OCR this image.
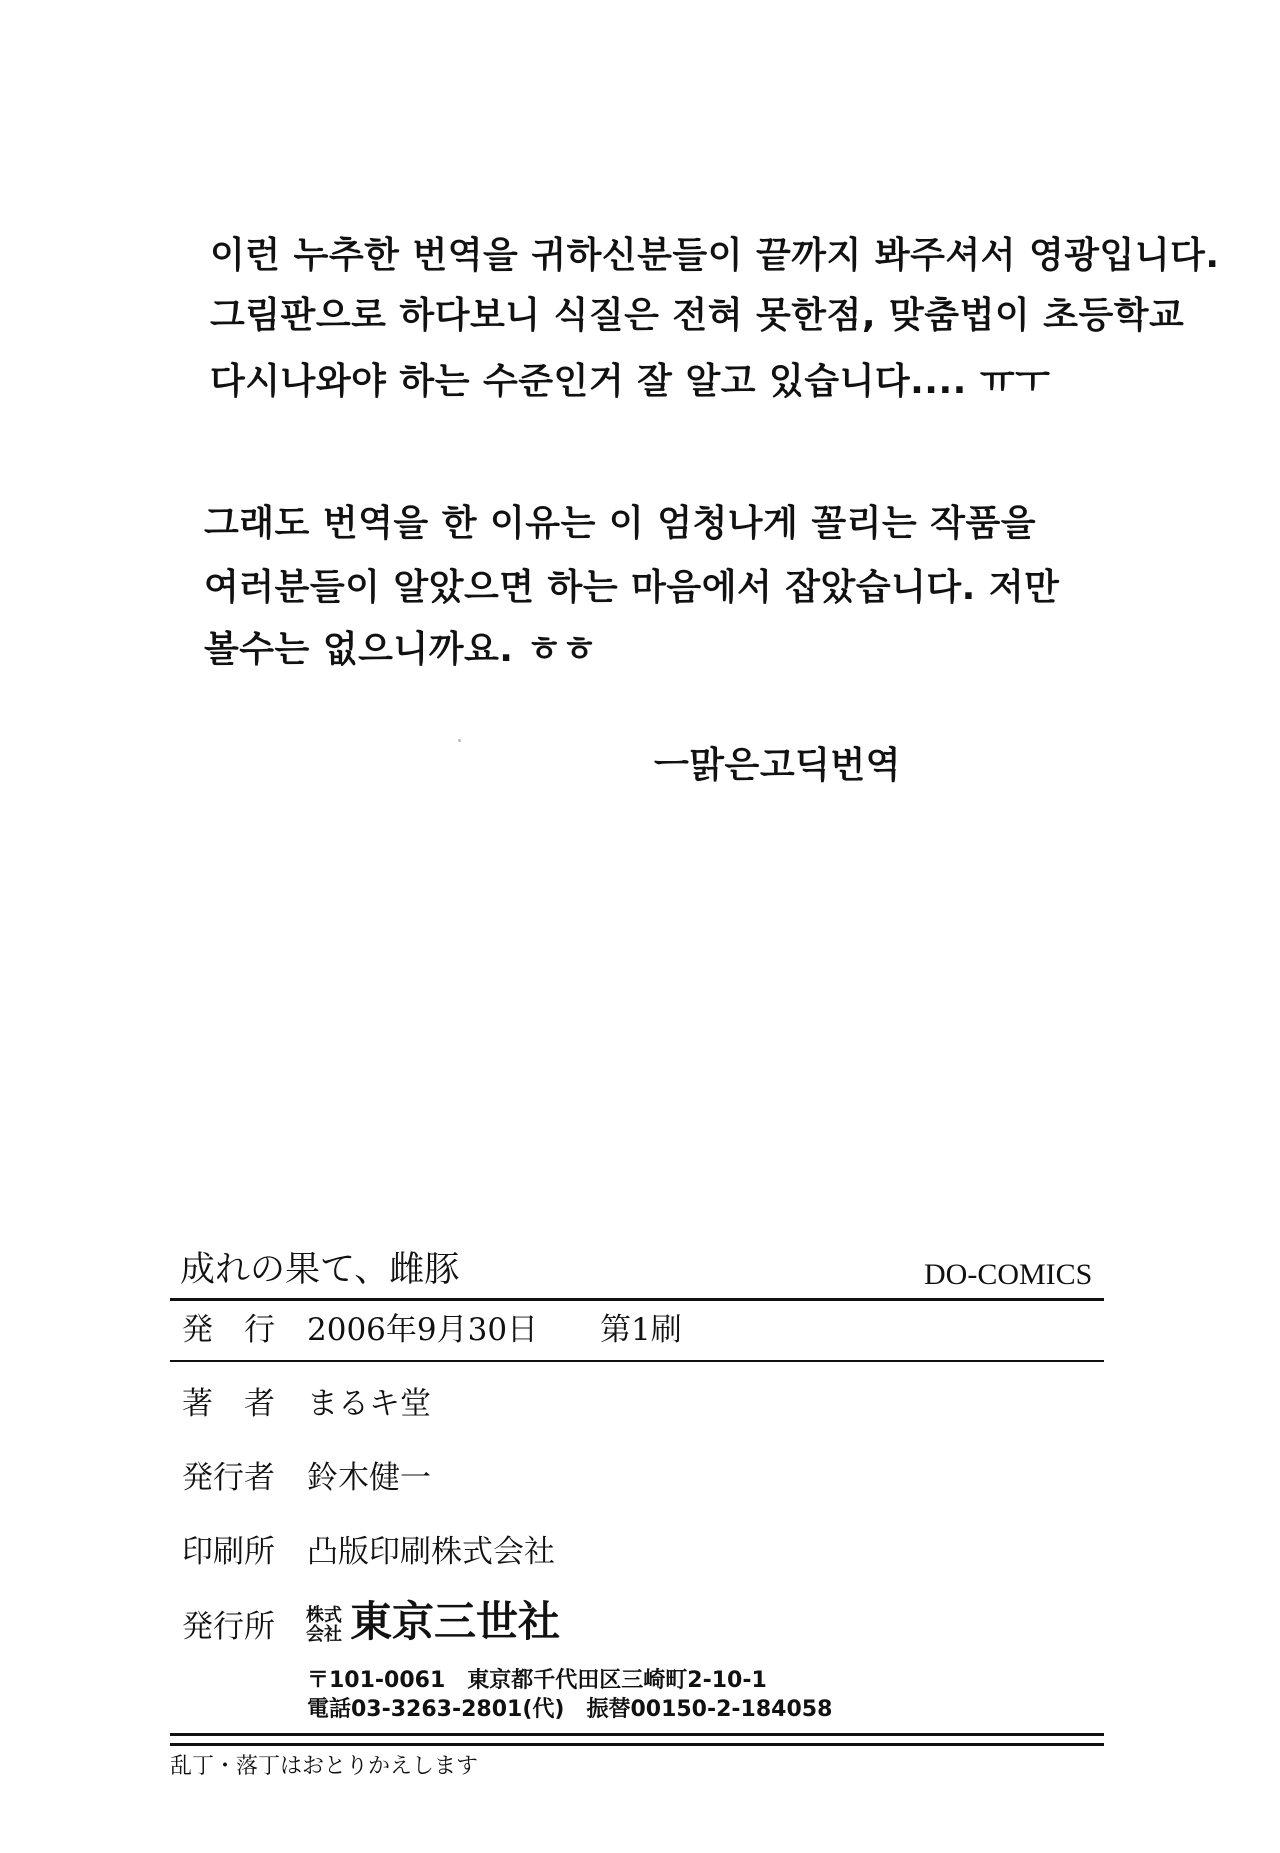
이런 누추한 번역을 귀하신분들이 끝까지 봐주셔서 영광입니다.
그림판으로 하다보니 식질은 전혀 못한점, 맞춤법이 초등학교
다시나와야 하는 수준인거 잘 알고 있습니다.... ㅠㅜ
그래도 번역을 한 이유는 이 엄청나게 꼴리는 작품을
여러분들이 알았으면 하는 마음에서 잡았습니다. 저만
볼수는 없으니까요. ㅎㅎ
ㅡ맑은고딕번역
成れの果て、雌豚	DO-COMICS
発　行 2006年9月30日　　第1刷
著　者 まるキ堂
発行者 鈴木健一
印刷所 凸版印刷株式会社
発行所 株式会社 東京三世社
〒101-0061　東京都千代田区三崎町2-10-1
電話03-3263-2801(代)　振替00150-2-184058
乱丁・落丁はおとりかえします
